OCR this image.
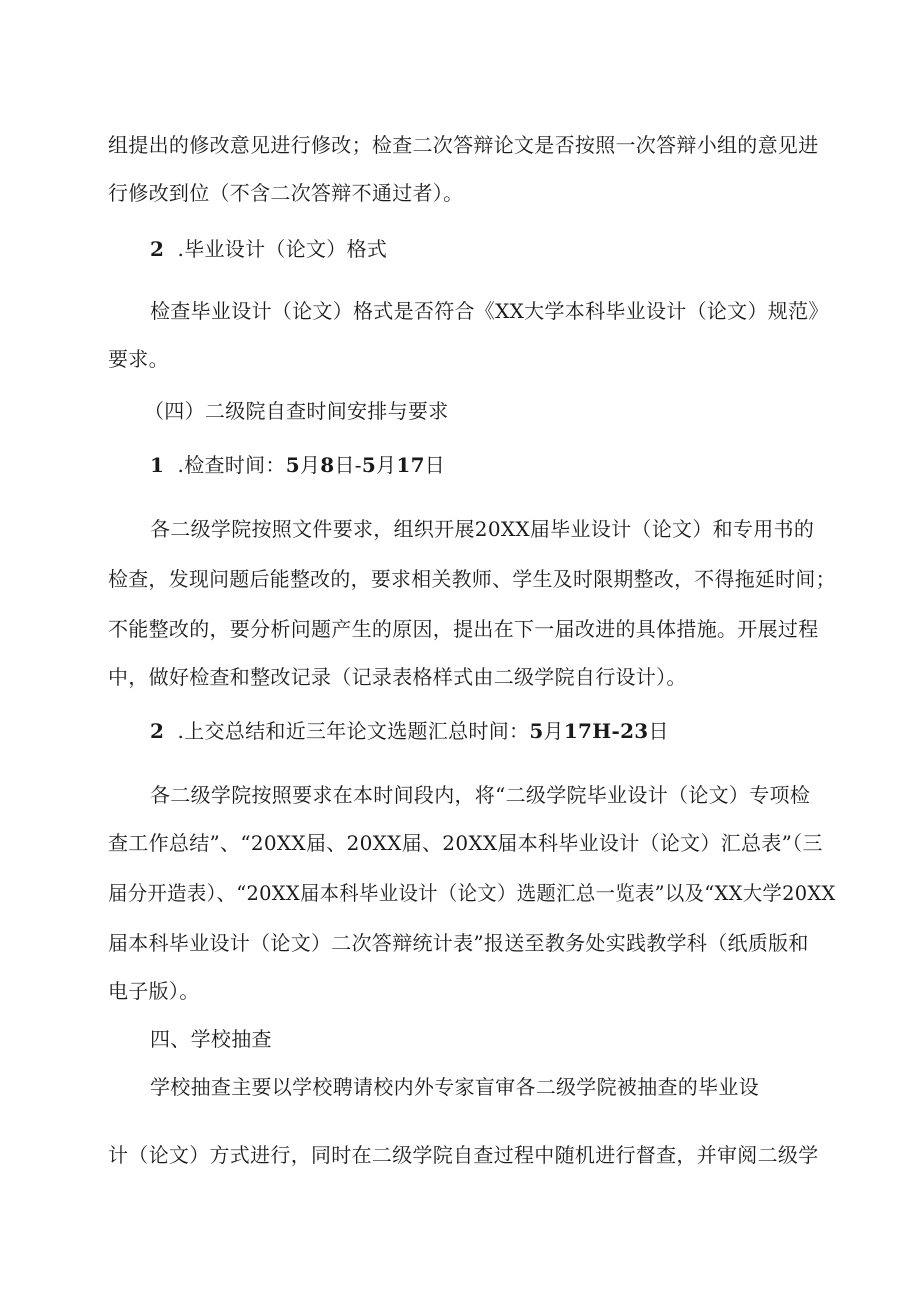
组提出的修改意见进行修改；检查二次答辩论文是否按照一次答辩小组的意见进
行修改到位（不含二次答辩不通过者）。
2 .毕业设计（论文）格式
检查毕业设计（论文）格式是否符合《XX大学本科毕业设计（论文）规范》
要求。
（四）二级院自查时间安排与要求
1 .检查时间：5月8日-5月17日
各二级学院按照文件要求，组织开展20XX届毕业设计（论文）和专用书的
检查，发现问题后能整改的，要求相关教师、学生及时限期整改，不得拖延时间；
不能整改的，要分析问题产生的原因，提出在下一届改进的具体措施。开展过程
中，做好检查和整改记录（记录表格样式由二级学院自行设计）。
2 .上交总结和近三年论文选题汇总时间：5月17H-23日
各二级学院按照要求在本时间段内，将“二级学院毕业设计（论文）专项检
查工作总结”、“20XX届、20XX届、20XX届本科毕业设计（论文）汇总表”（三
届分开造表）、“20XX届本科毕业设计（论文）选题汇总一览表”以及“XX大学20XX
届本科毕业设计（论文）二次答辩统计表”报送至教务处实践教学科（纸质版和
电子版）。
四、学校抽查
学校抽查主要以学校聘请校内外专家盲审各二级学院被抽查的毕业设
计（论文）方式进行，同时在二级学院自查过程中随机进行督查，并审阅二级学
